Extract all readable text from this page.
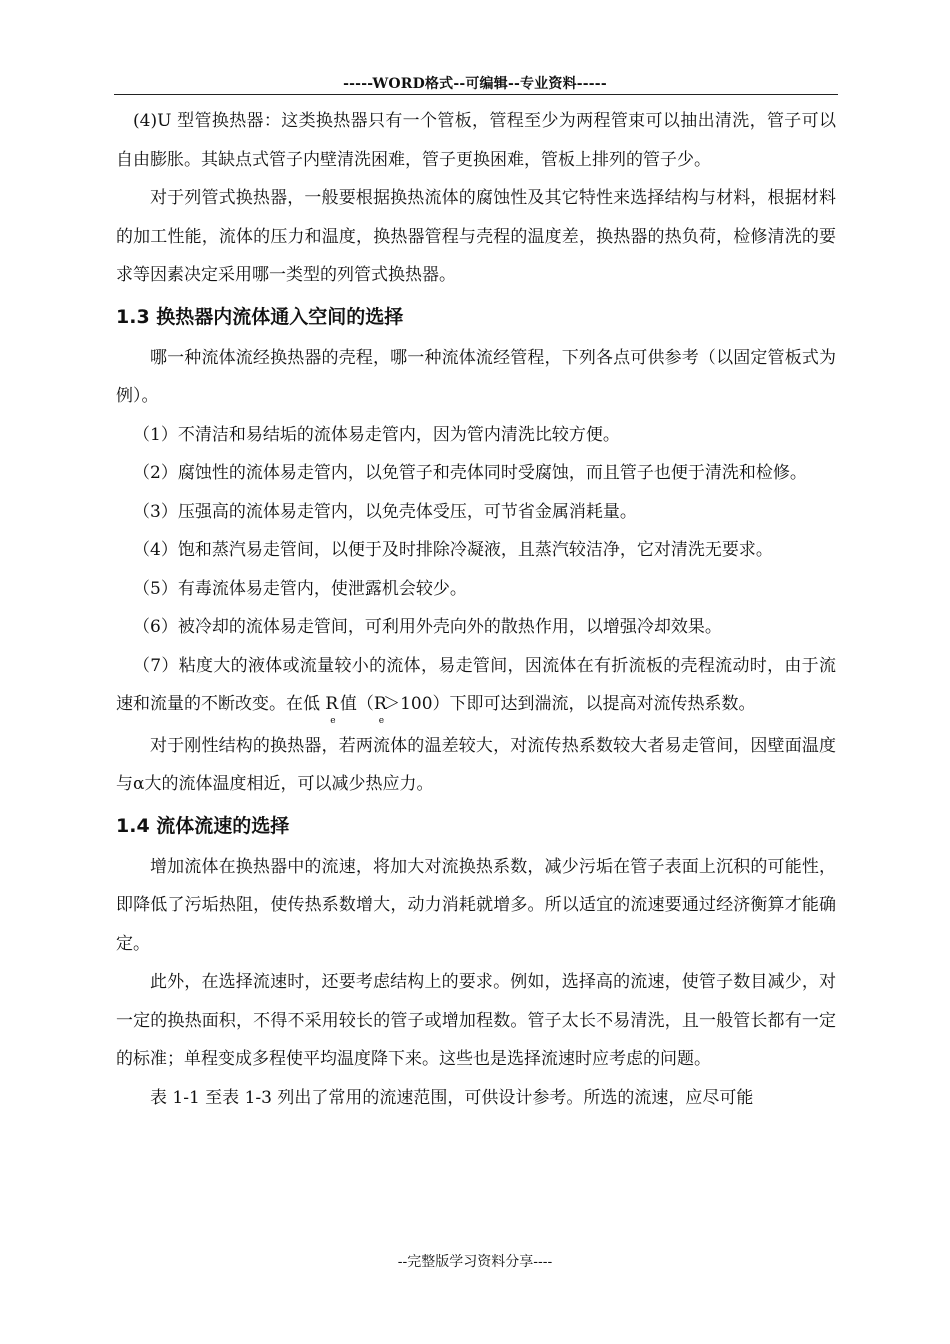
-----WORD格式--可编辑--专业资料-----

(4)U 型管换热器：这类换热器只有一个管板，管程至少为两程管束可以抽出清洗，管子可以自由膨胀。其缺点式管子内壁清洗困难，管子更换困难，管板上排列的管子少。

对于列管式换热器，一般要根据换热流体的腐蚀性及其它特性来选择结构与材料，根据材料的加工性能，流体的压力和温度，换热器管程与壳程的温度差，换热器的热负荷，检修清洗的要求等因素决定采用哪一类型的列管式换热器。

1.3 换热器内流体通入空间的选择

哪一种流体流经换热器的壳程，哪一种流体流经管程，下列各点可供参考（以固定管板式为例）。

（1）不清洁和易结垢的流体易走管内，因为管内清洗比较方便。

（2）腐蚀性的流体易走管内，以免管子和壳体同时受腐蚀，而且管子也便于清洗和检修。

（3）压强高的流体易走管内，以免壳体受压，可节省金属消耗量。

（4）饱和蒸汽易走管间，以便于及时排除冷凝液，且蒸汽较洁净，它对清洗无要求。

（5）有毒流体易走管内，使泄露机会较少。

（6）被冷却的流体易走管间，可利用外壳向外的散热作用，以增强冷却效果。

（7）粘度大的液体或流量较小的流体，易走管间，因流体在有折流板的壳程流动时，由于流速和流量的不断改变。在低 $R_e$ 值$(R_e>100)$下即可达到湍流，以提高对流传热系数。

对于刚性结构的换热器，若两流体的温差较大，对流传热系数较大者易走管间，因壁面温度与α大的流体温度相近，可以减少热应力。

1.4 流体流速的选择

增加流体在换热器中的流速，将加大对流换热系数，减少污垢在管子表面上沉积的可能性，即降低了污垢热阻，使传热系数增大，动力消耗就增多。所以适宜的流速要通过经济衡算才能确定。

此外，在选择流速时，还要考虑结构上的要求。例如，选择高的流速，使管子数目减少，对一定的换热面积，不得不采用较长的管子或增加程数。管子太长不易清洗，且一般管长都有一定的标准；单程变成多程使平均温度降下来。这些也是选择流速时应考虑的问题。

表 1-1 至表 1-3 列出了常用的流速范围，可供设计参考。所选的流速，应尽可能

--完整版学习资料分享----
